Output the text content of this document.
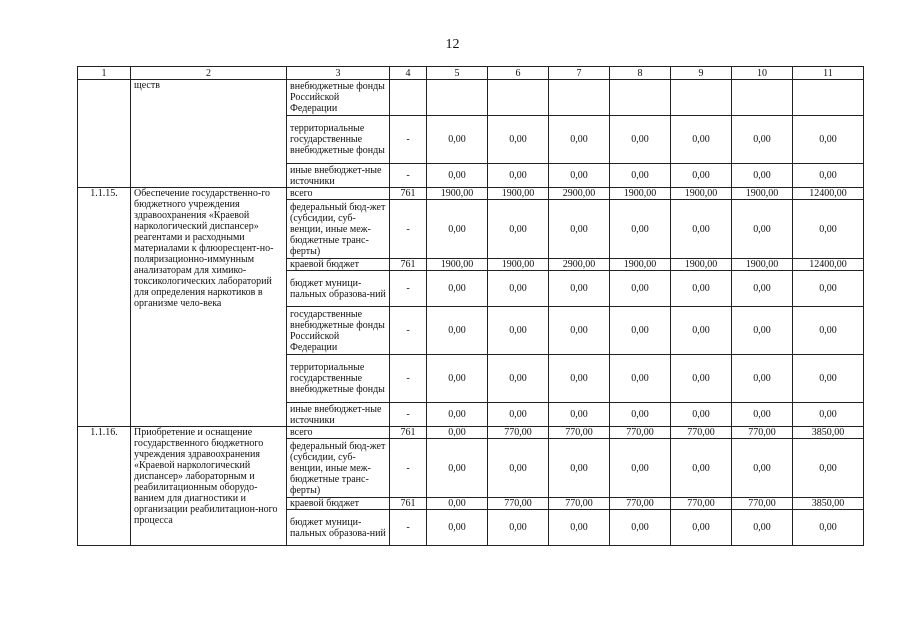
12
1	2	3	4	5	6	7	8	9	10	11
	ществ	внебюджетные фонды Российской Федерации								
		территориальные государственные внебюджетные фонды	-	0,00	0,00	0,00	0,00	0,00	0,00	0,00
		иные внебюджет-ные источники	-	0,00	0,00	0,00	0,00	0,00	0,00	0,00
1.1.15.	Обеспечение государственно-го бюджетного учреждения здравоохранения «Краевой наркологический диспансер» реагентами и расходными материалами к флюоресцент-но-поляризационно-иммунным анализаторам для химико-токсикологических лабораторий для определения наркотиков в организме чело-века	всего	761	1900,00	1900,00	2900,00	1900,00	1900,00	1900,00	12400,00
		федеральный бюд-жет (субсидии, суб-венции, иные меж-бюджетные транс-ферты)	-	0,00	0,00	0,00	0,00	0,00	0,00	0,00
		краевой бюджет	761	1900,00	1900,00	2900,00	1900,00	1900,00	1900,00	12400,00
		бюджет муници-пальных образова-ний	-	0,00	0,00	0,00	0,00	0,00	0,00	0,00
		государственные внебюджетные фонды Российской Федерации	-	0,00	0,00	0,00	0,00	0,00	0,00	0,00
		территориальные государственные внебюджетные фонды	-	0,00	0,00	0,00	0,00	0,00	0,00	0,00
		иные внебюджет-ные источники	-	0,00	0,00	0,00	0,00	0,00	0,00	0,00
1.1.16.	Приобретение и оснащение государственного бюджетного учреждения здравоохранения «Краевой наркологический диспансер» лабораторным и реабилитационным оборудо-ванием для диагностики и организации реабилитацион-ного процесса	всего	761	0,00	770,00	770,00	770,00	770,00	770,00	3850,00
		федеральный бюд-жет (субсидии, суб-венции, иные меж-бюджетные транс-ферты)	-	0,00	0,00	0,00	0,00	0,00	0,00	0,00
		краевой бюджет	761	0,00	770,00	770,00	770,00	770,00	770,00	3850,00
		бюджет муници-пальных образова-ний	-	0,00	0,00	0,00	0,00	0,00	0,00	0,00
